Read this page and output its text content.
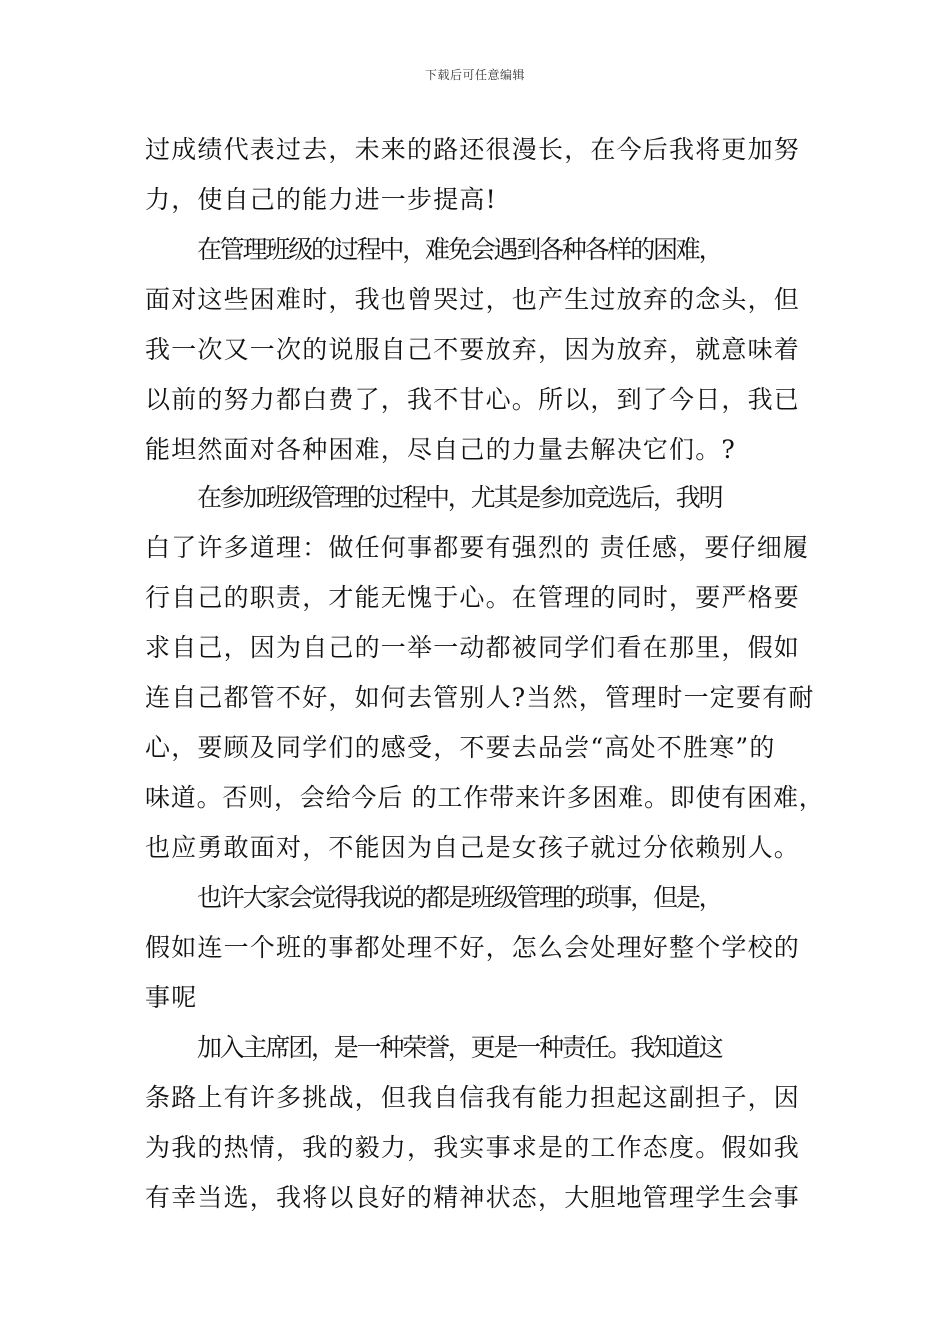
下载后可任意编辑
过成绩代表过去，未来的路还很漫长，在今后我将更加努
力，使自己的能力进一步提高!
在管理班级的过程中，难免会遇到各种各样的困难，
面对这些困难时，我也曾哭过，也产生过放弃的念头，但
我一次又一次的说服自己不要放弃，因为放弃，就意味着
以前的努力都白费了，我不甘心。所以，到了今日，我已
能坦然面对各种困难，尽自己的力量去解决它们。?
在参加班级管理的过程中，尤其是参加竞选后，我明
白了许多道理：做任何事都要有强烈的 责任感，要仔细履
行自己的职责，才能无愧于心。在管理的同时，要严格要
求自己，因为自己的一举一动都被同学们看在那里，假如
连自己都管不好，如何去管别人?当然，管理时一定要有耐
心，要顾及同学们的感受，不要去品尝“高处不胜寒”的
味道。否则，会给今后 的工作带来许多困难。即使有困难，
也应勇敢面对，不能因为自己是女孩子就过分依赖别人。
也许大家会觉得我说的都是班级管理的琐事，但是，
假如连一个班的事都处理不好，怎么会处理好整个学校的
事呢
加入主席团，是一种荣誉，更是一种责任。我知道这
条路上有许多挑战，但我自信我有能力担起这副担子，因
为我的热情，我的毅力，我实事求是的工作态度。假如我
有幸当选，我将以良好的精神状态，大胆地管理学生会事
